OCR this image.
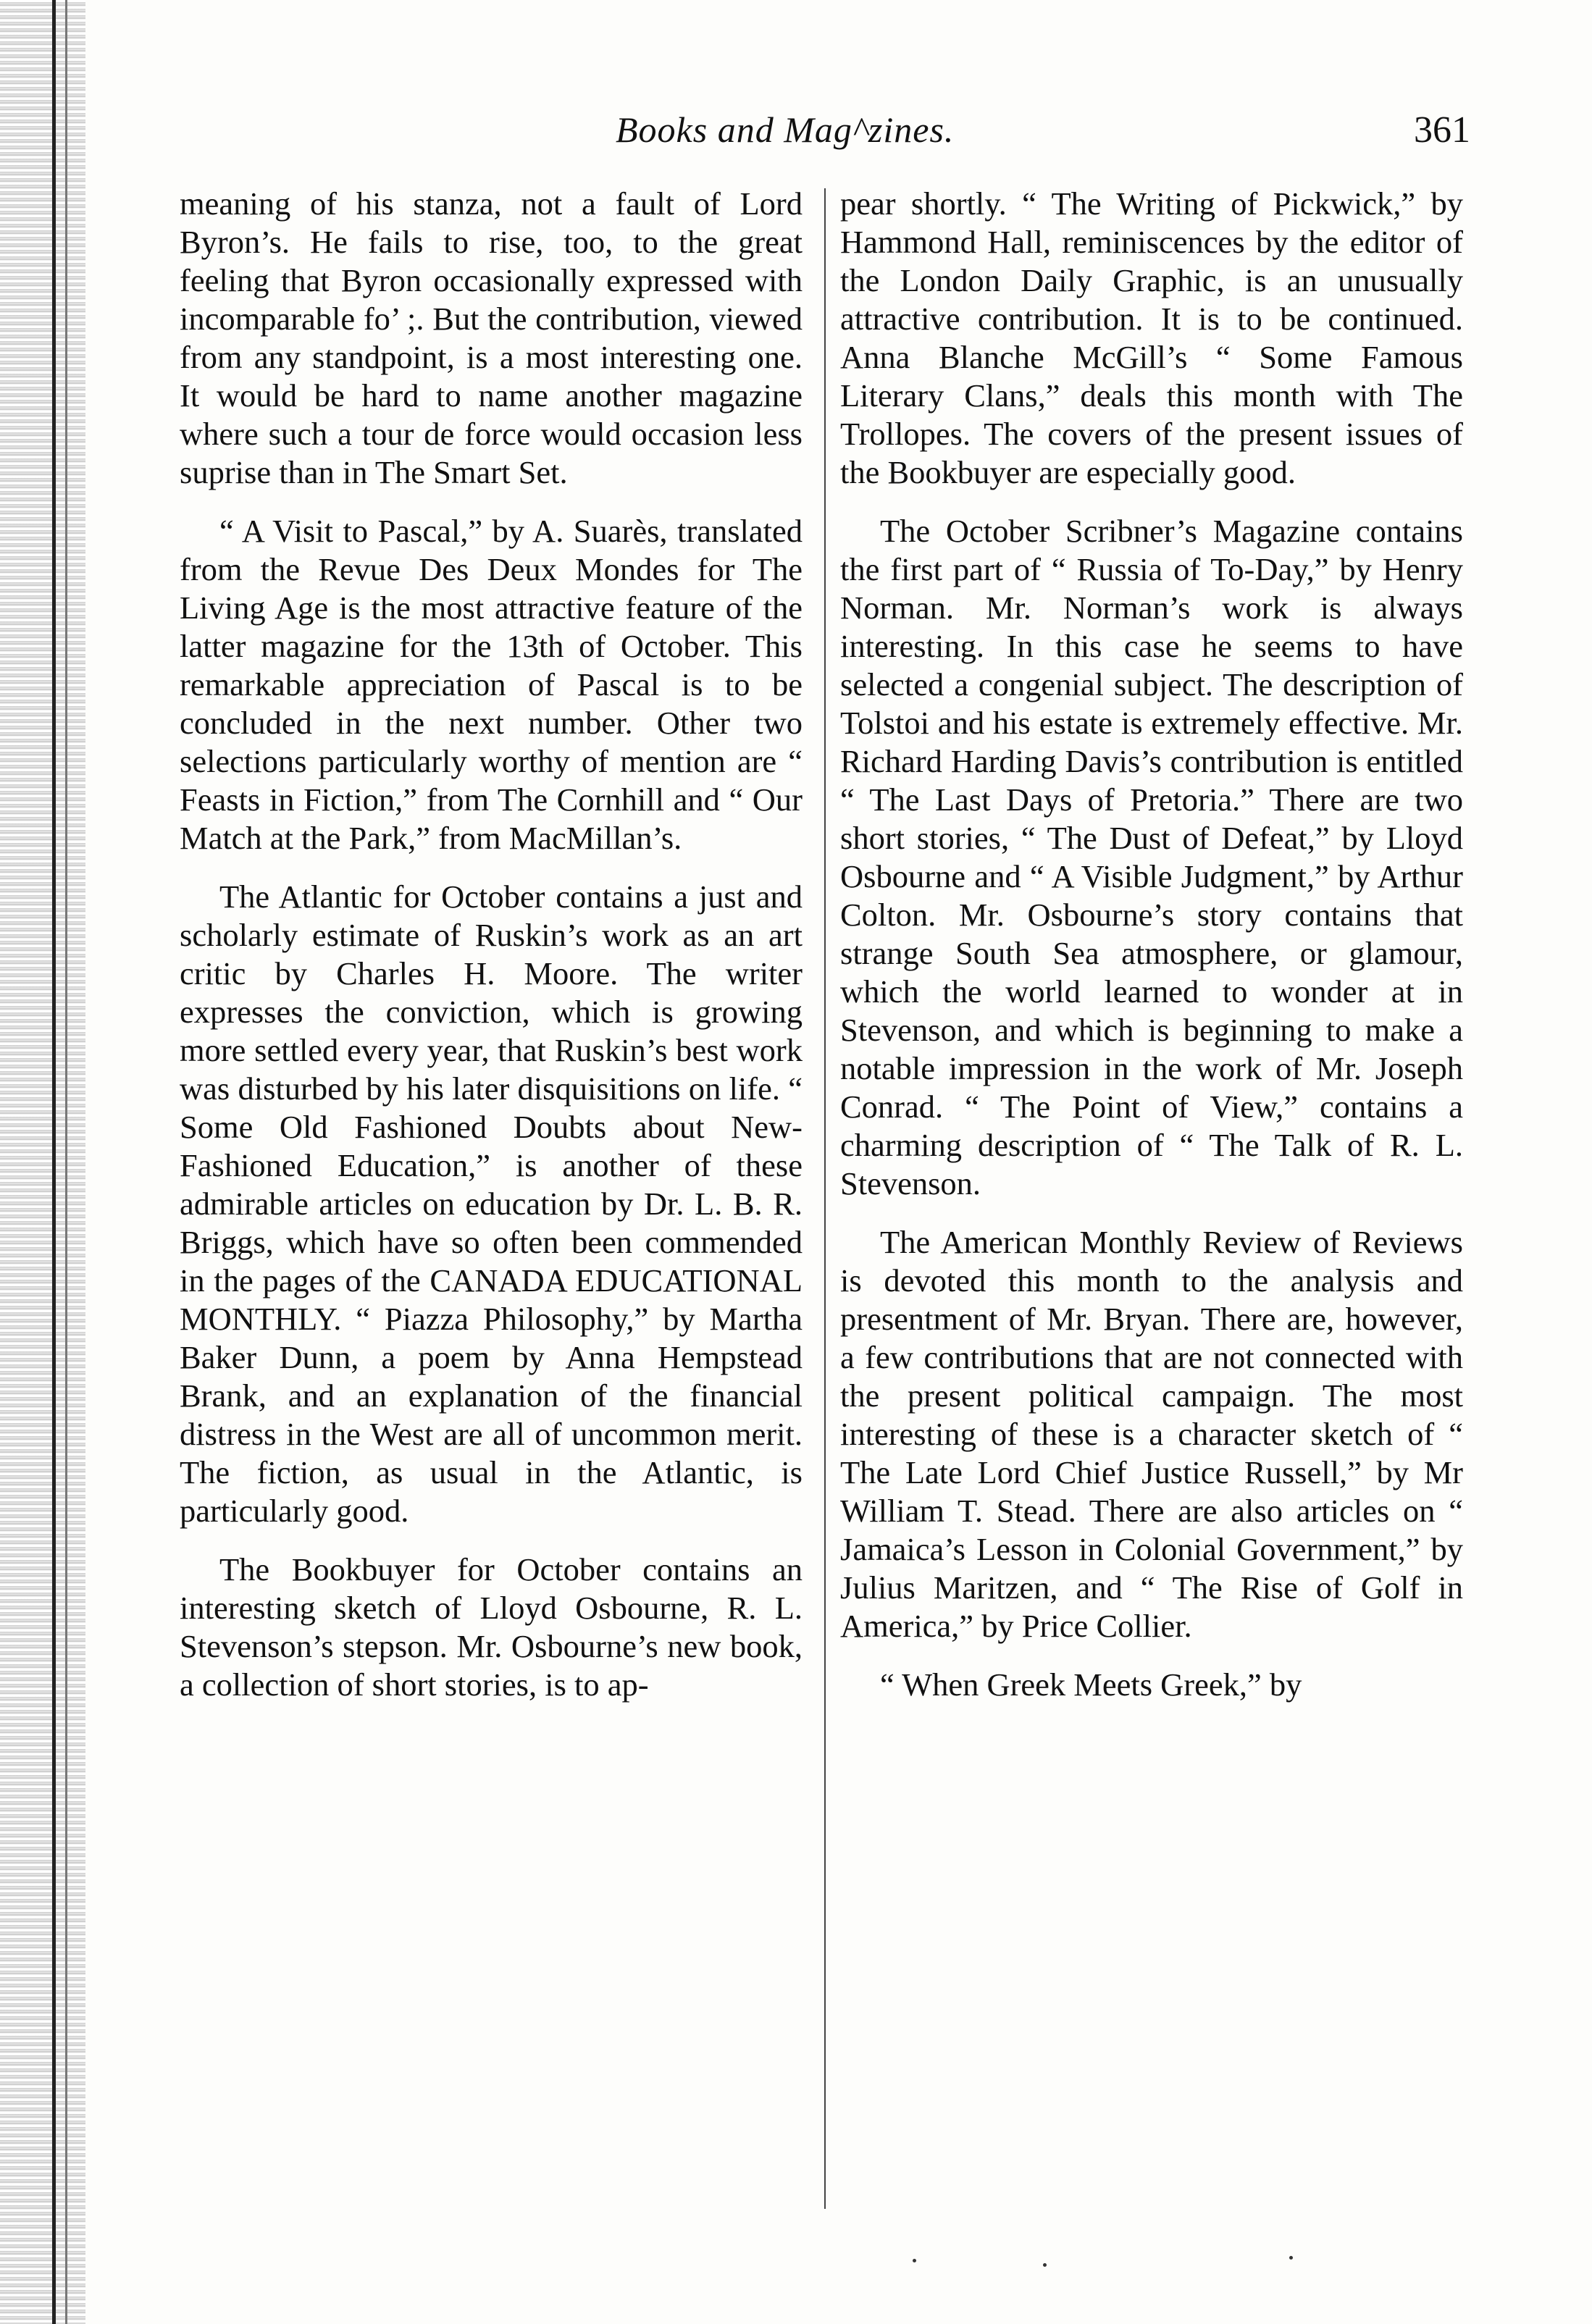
Books and Mag^zines.	361

meaning of his stanza, not a fault of Lord Byron’s. He fails to rise, too, to the great feeling that Byron occasionally expressed with incomparable fo’ ;. But the contribution, viewed from any standpoint, is a most interesting one. It would be hard to name another magazine where such a tour de force would occasion less suprise than in The Smart Set.

“ A Visit to Pascal,” by A. Suarès, translated from the Revue Des Deux Mondes for The Living Age is the most attractive feature of the latter magazine for the 13th of October. This remarkable appreciation of Pascal is to be concluded in the next number. Other two selections particularly worthy of mention are “ Feasts in Fiction,” from The Cornhill and “ Our Match at the Park,” from MacMillan’s.

The Atlantic for October contains a just and scholarly estimate of Ruskin’s work as an art critic by Charles H. Moore. The writer expresses the conviction, which is growing more settled every year, that Ruskin’s best work was disturbed by his later disquisitions on life. “ Some Old Fashioned Doubts about New-Fashioned Education,” is another of these admirable articles on education by Dr. L. B. R. Briggs, which have so often been commended in the pages of the CANADA EDUCATIONAL MONTHLY. “ Piazza Philosophy,” by Martha Baker Dunn, a poem by Anna Hempstead Brank, and an explanation of the financial distress in the West are all of uncommon merit. The fiction, as usual in the Atlantic, is particularly good.

The Bookbuyer for October contains an interesting sketch of Lloyd Osbourne, R. L. Stevenson’s stepson. Mr. Osbourne’s new book, a collection of short stories, is to ap-

pear shortly. “ The Writing of Pickwick,” by Hammond Hall, reminiscences by the editor of the London Daily Graphic, is an unusually attractive contribution. It is to be continued. Anna Blanche McGill’s “ Some Famous Literary Clans,” deals this month with The Trollopes. The covers of the present issues of the Bookbuyer are especially good.

The October Scribner’s Magazine contains the first part of “ Russia of To-Day,” by Henry Norman. Mr. Norman’s work is always interesting. In this case he seems to have selected a congenial subject. The description of Tolstoi and his estate is extremely effective. Mr. Richard Harding Davis’s contribution is entitled “ The Last Days of Pretoria.” There are two short stories, “ The Dust of Defeat,” by Lloyd Osbourne and “ A Visible Judgment,” by Arthur Colton. Mr. Osbourne’s story contains that strange South Sea atmosphere, or glamour, which the world learned to wonder at in Stevenson, and which is beginning to make a notable impression in the work of Mr. Joseph Conrad. “ The Point of View,” contains a charming description of “ The Talk of R. L. Stevenson.

The American Monthly Review of Reviews is devoted this month to the analysis and presentment of Mr. Bryan. There are, however, a few contributions that are not connected with the present political campaign. The most interesting of these is a character sketch of “ The Late Lord Chief Justice Russell,” by Mr William T. Stead. There are also articles on “ Jamaica’s Lesson in Colonial Government,” by Julius Maritzen, and “ The Rise of Golf in America,” by Price Collier.

“ When Greek Meets Greek,” by
